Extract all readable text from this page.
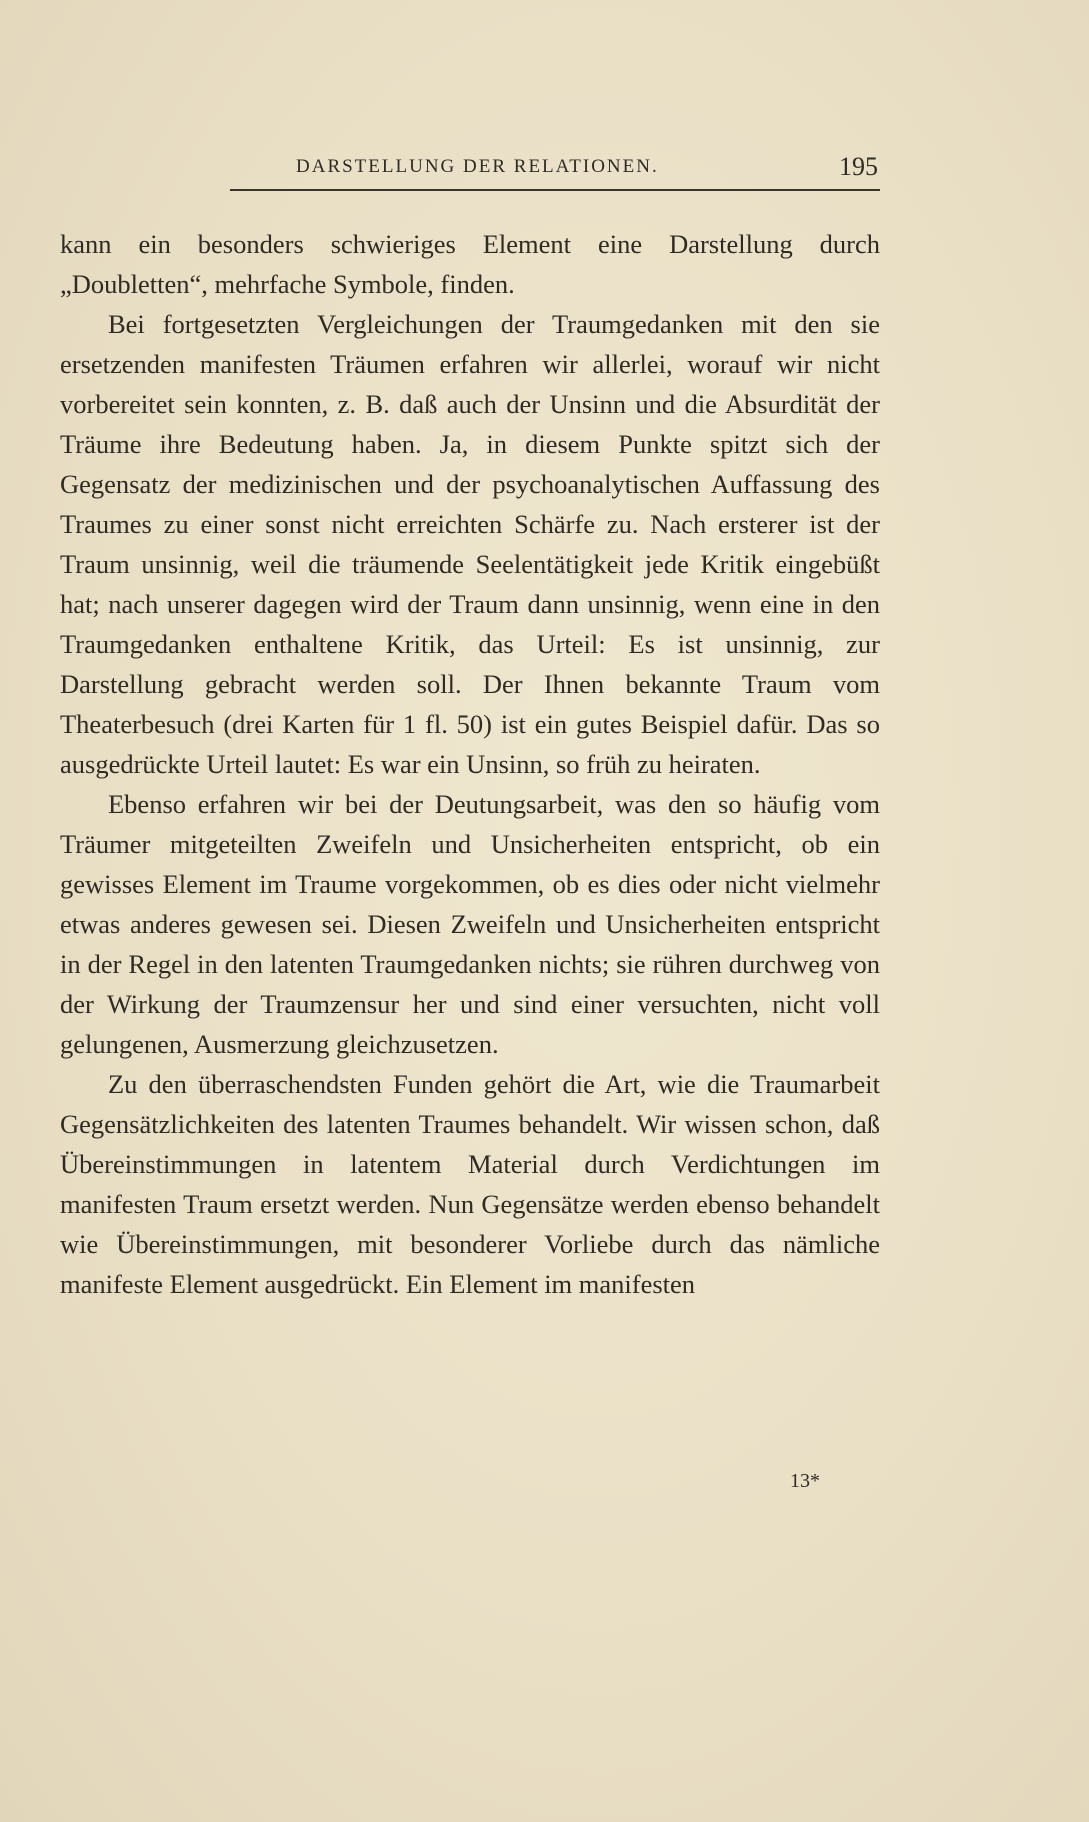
DARSTELLUNG DER RELATIONEN.	195

kann ein besonders schwieriges Element eine Darstellung durch „Doubletten“, mehrfache Symbole, finden.

Bei fortgesetzten Vergleichungen der Traumgedanken mit den sie ersetzenden manifesten Träumen erfahren wir allerlei, worauf wir nicht vorbereitet sein konnten, z. B. daß auch der Unsinn und die Absurdität der Träume ihre Bedeutung haben. Ja, in diesem Punkte spitzt sich der Gegensatz der medizinischen und der psychoanalytischen Auffassung des Traumes zu einer sonst nicht erreichten Schärfe zu. Nach ersterer ist der Traum unsinnig, weil die träumende Seelentätigkeit jede Kritik eingebüßt hat; nach unserer dagegen wird der Traum dann unsinnig, wenn eine in den Traumgedanken enthaltene Kritik, das Urteil: Es ist unsinnig, zur Darstellung gebracht werden soll. Der Ihnen bekannte Traum vom Theaterbesuch (drei Karten für 1 fl. 50) ist ein gutes Beispiel dafür. Das so ausgedrückte Urteil lautet: Es war ein Unsinn, so früh zu heiraten.

Ebenso erfahren wir bei der Deutungsarbeit, was den so häufig vom Träumer mitgeteilten Zweifeln und Unsicherheiten entspricht, ob ein gewisses Element im Traume vorgekommen, ob es dies oder nicht vielmehr etwas anderes gewesen sei. Diesen Zweifeln und Unsicherheiten entspricht in der Regel in den latenten Traumgedanken nichts; sie rühren durchweg von der Wirkung der Traumzensur her und sind einer versuchten, nicht voll gelungenen, Ausmerzung gleichzusetzen.

Zu den überraschendsten Funden gehört die Art, wie die Traumarbeit Gegensätzlichkeiten des latenten Traumes behandelt. Wir wissen schon, daß Übereinstimmungen in latentem Material durch Verdichtungen im manifesten Traum ersetzt werden. Nun Gegensätze werden ebenso behandelt wie Übereinstimmungen, mit besonderer Vorliebe durch das nämliche manifeste Element ausgedrückt. Ein Element im manifesten

13*
